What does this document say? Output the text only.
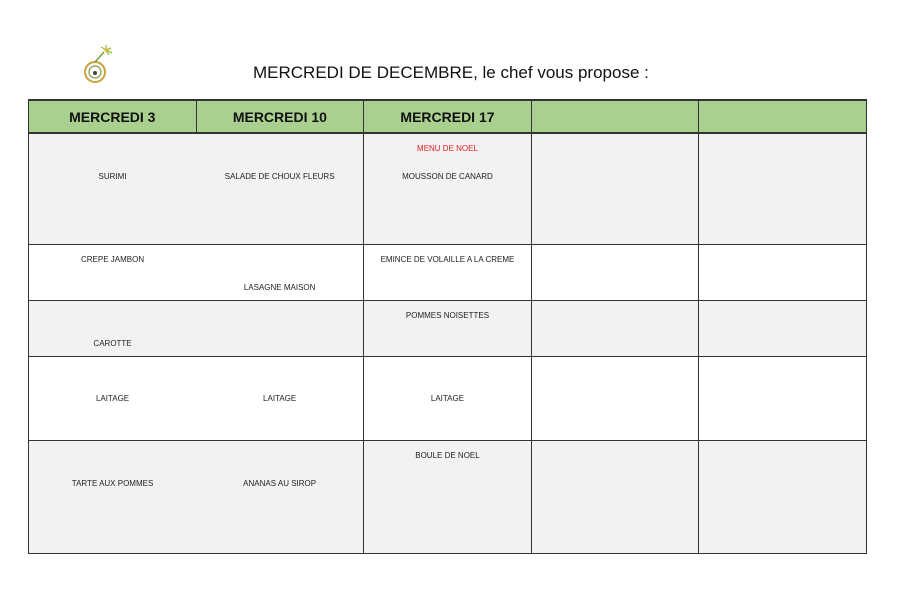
MERCREDI DE DECEMBRE, le chef vous propose :
MERCREDI 3	MERCREDI 10	MERCREDI 17		

SURIMI	SALADE DE CHOUX FLEURS	MENU DE NOEL
MOUSSON DE CANARD		

CREPE JAMBON	LASAGNE MAISON	EMINCE DE VOLAILLE A LA CREME		

CAROTTE		POMMES NOISETTES		

LAITAGE	LAITAGE	LAITAGE		

TARTE AUX POMMES	ANANAS AU SIROP	BOULE DE NOEL		
